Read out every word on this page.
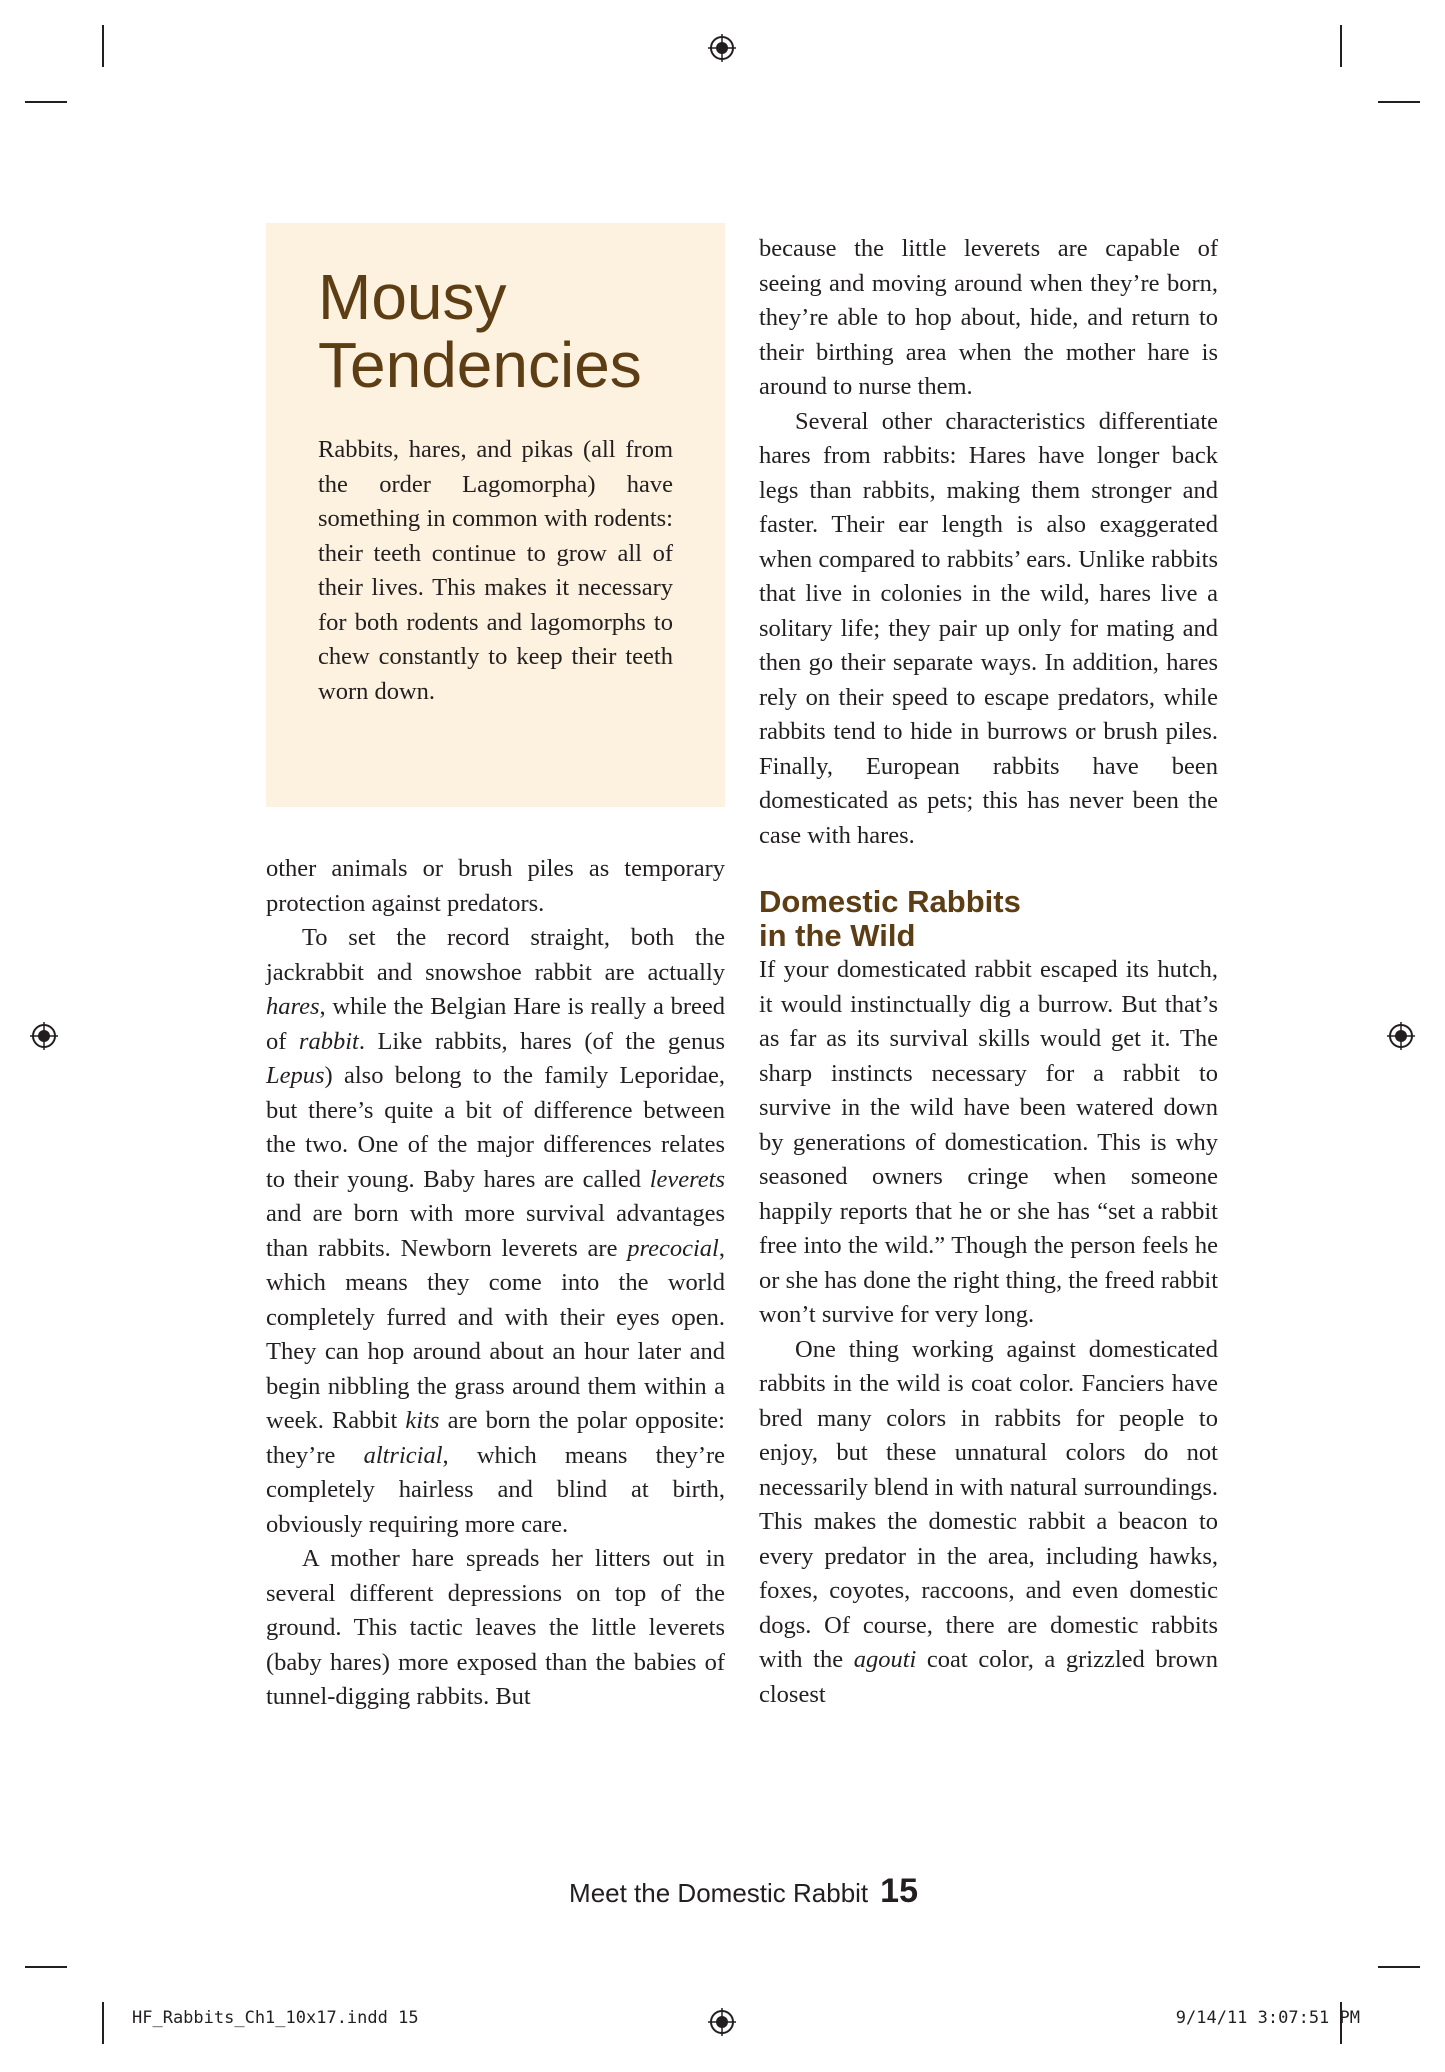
Mousy
Tendencies

Rabbits, hares, and pikas (all from the order Lagomorpha) have something in common with rodents: their teeth continue to grow all of their lives. This makes it necessary for both rodents and lagomorphs to chew constantly to keep their teeth worn down.

other animals or brush piles as temporary protection against predators.

To set the record straight, both the jackrabbit and snowshoe rabbit are actually hares, while the Belgian Hare is really a breed of rabbit. Like rabbits, hares (of the genus Lepus) also belong to the family Leporidae, but there’s quite a bit of difference between the two. One of the major differences relates to their young. Baby hares are called leverets and are born with more survival advantages than rabbits. Newborn leverets are precocial, which means they come into the world completely furred and with their eyes open. They can hop around about an hour later and begin nibbling the grass around them within a week. Rabbit kits are born the polar opposite: they’re altricial, which means they’re completely hairless and blind at birth, obviously requiring more care.

A mother hare spreads her litters out in several different depressions on top of the ground. This tactic leaves the little leverets (baby hares) more exposed than the babies of tunnel-digging rabbits. But

because the little leverets are capable of seeing and moving around when they’re born, they’re able to hop about, hide, and return to their birthing area when the mother hare is around to nurse them.

Several other characteristics differentiate hares from rabbits: Hares have longer back legs than rabbits, making them stronger and faster. Their ear length is also exaggerated when compared to rabbits’ ears. Unlike rabbits that live in colonies in the wild, hares live a solitary life; they pair up only for mating and then go their separate ways. In addition, hares rely on their speed to escape predators, while rabbits tend to hide in burrows or brush piles. Finally, European rabbits have been domesticated as pets; this has never been the case with hares.

Domestic Rabbits
in the Wild

If your domesticated rabbit escaped its hutch, it would instinctually dig a burrow. But that’s as far as its survival skills would get it. The sharp instincts necessary for a rabbit to survive in the wild have been watered down by generations of domestication. This is why seasoned owners cringe when someone happily reports that he or she has “set a rabbit free into the wild.” Though the person feels he or she has done the right thing, the freed rabbit won’t survive for very long.

One thing working against domesticated rabbits in the wild is coat color. Fanciers have bred many colors in rabbits for people to enjoy, but these unnatural colors do not necessarily blend in with natural surroundings. This makes the domestic rabbit a beacon to every predator in the area, including hawks, foxes, coyotes, raccoons, and even domestic dogs. Of course, there are domestic rabbits with the agouti coat color, a grizzled brown closest

Meet the Domestic Rabbit 15
HF_Rabbits_Ch1_10x17.indd 15	9/14/11 3:07:51 PM
